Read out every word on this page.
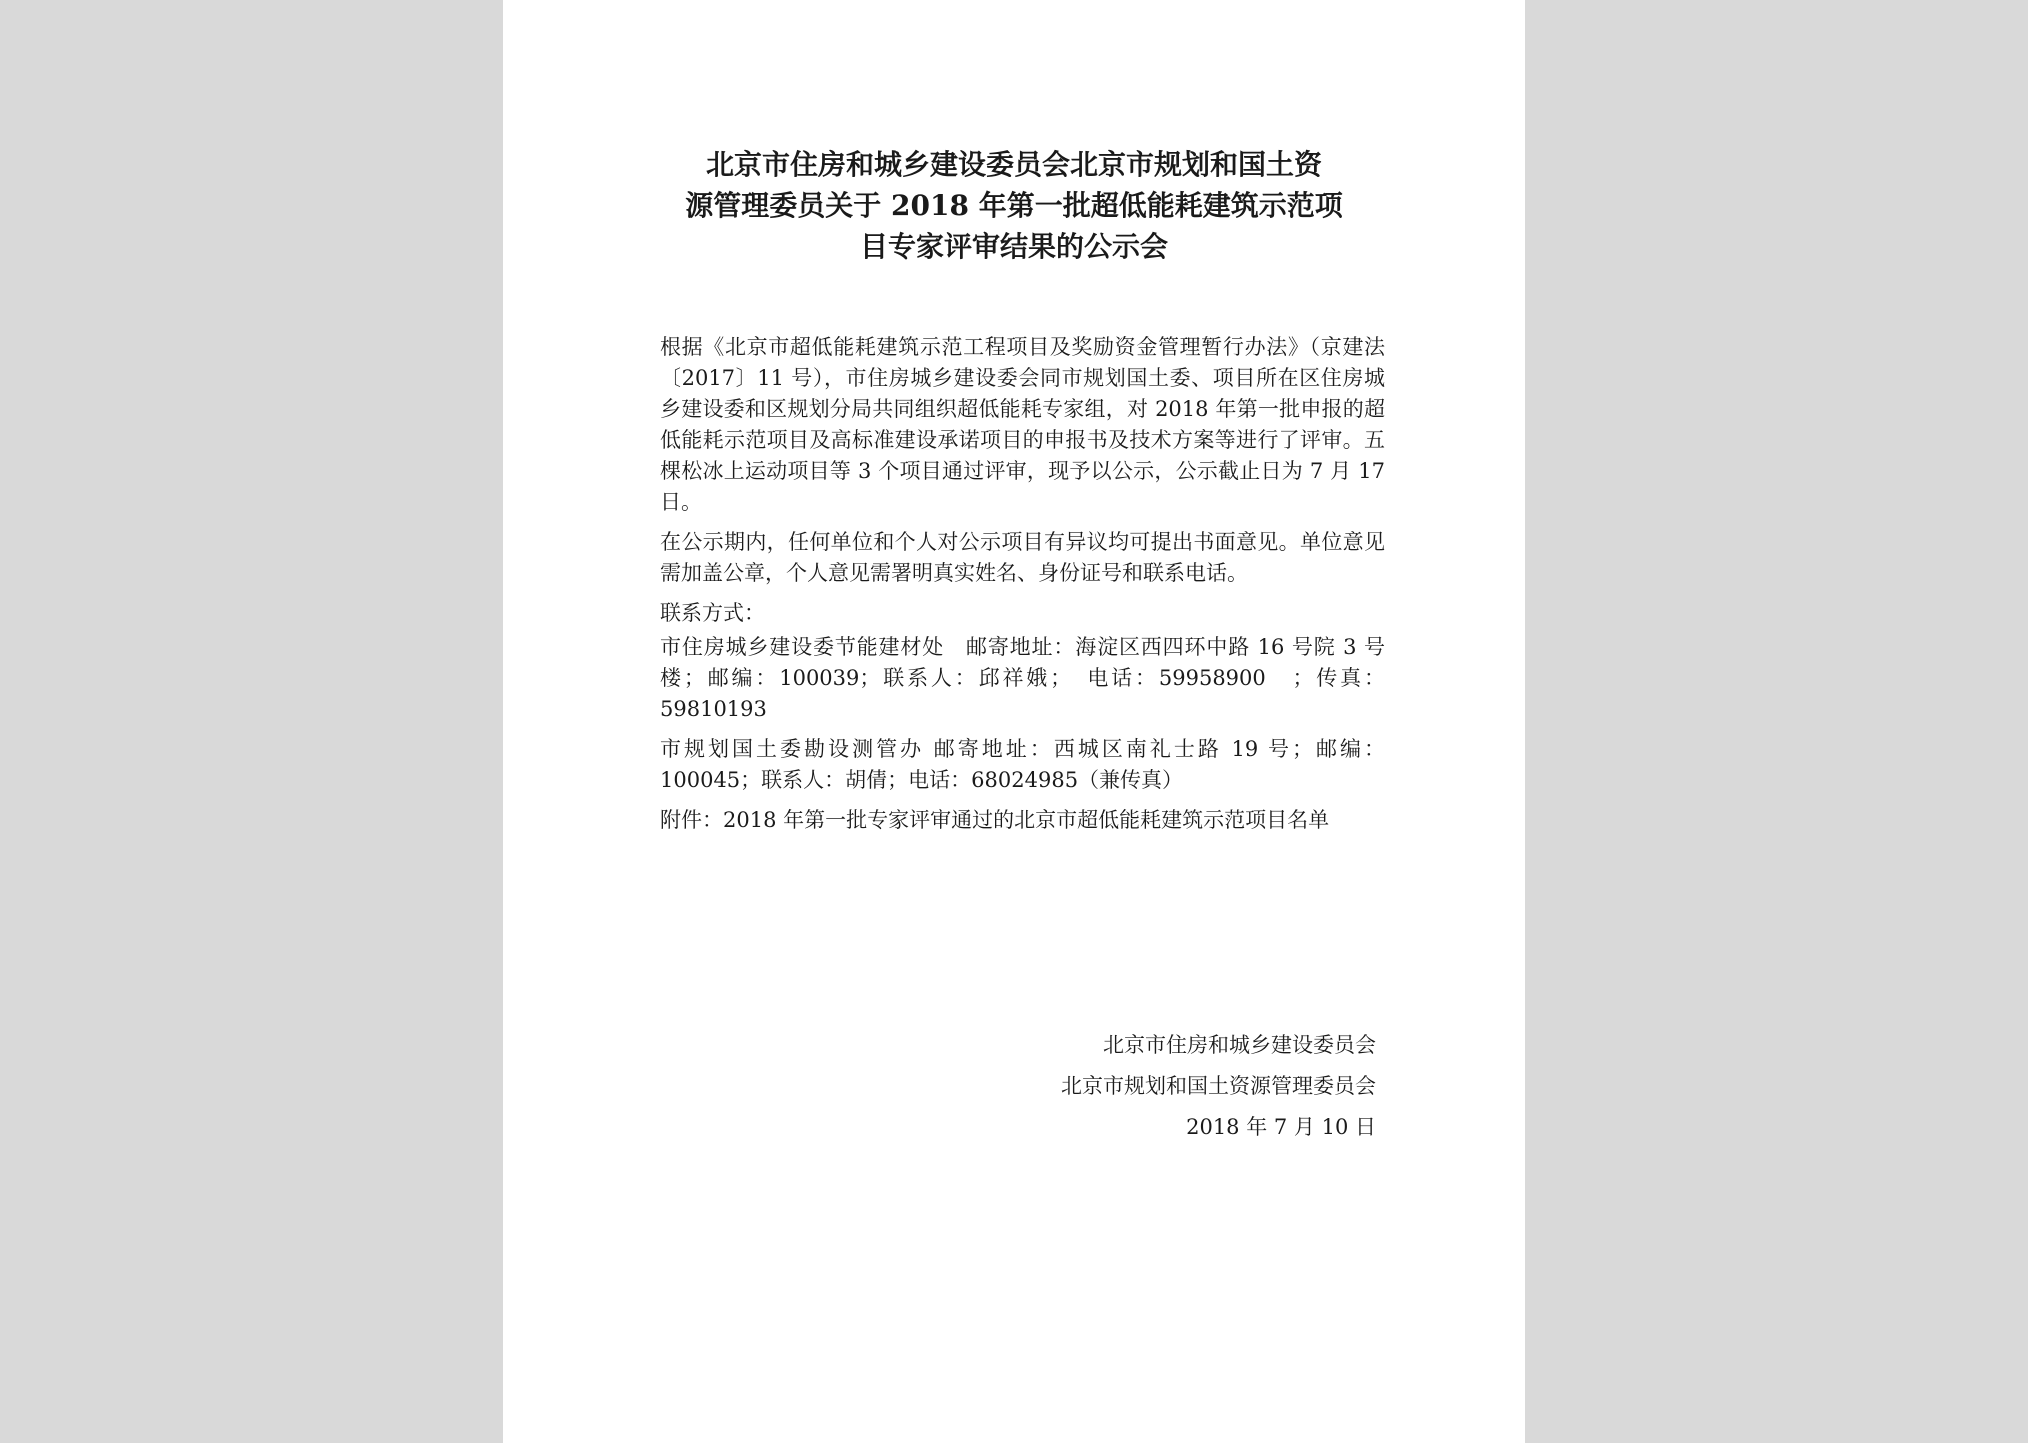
北京市住房和城乡建设委员会北京市规划和国土资
源管理委员关于 2018 年第一批超低能耗建筑示范项
目专家评审结果的公示会

根据《北京市超低能耗建筑示范工程项目及奖励资金管理暂行办法》（京建法〔2017〕11 号），市住房城乡建设委会同市规划国土委、项目所在区住房城乡建设委和区规划分局共同组织超低能耗专家组，对 2018 年第一批申报的超低能耗示范项目及高标准建设承诺项目的申报书及技术方案等进行了评审。五棵松冰上运动项目等 3 个项目通过评审，现予以公示，公示截止日为 7 月 17 日。

在公示期内，任何单位和个人对公示项目有异议均可提出书面意见。单位意见需加盖公章，个人意见需署明真实姓名、身份证号和联系电话。

联系方式：

市住房城乡建设委节能建材处　邮寄地址：海淀区西四环中路 16 号院 3 号楼；邮编：100039；联系人：邱祥娥；　电话：59958900　；传真：59810193

市规划国土委勘设测管办 邮寄地址：西城区南礼士路 19 号；邮编：100045；联系人：胡倩；电话：68024985（兼传真）

附件：2018 年第一批专家评审通过的北京市超低能耗建筑示范项目名单

北京市住房和城乡建设委员会
北京市规划和国土资源管理委员会
2018 年 7 月 10 日
